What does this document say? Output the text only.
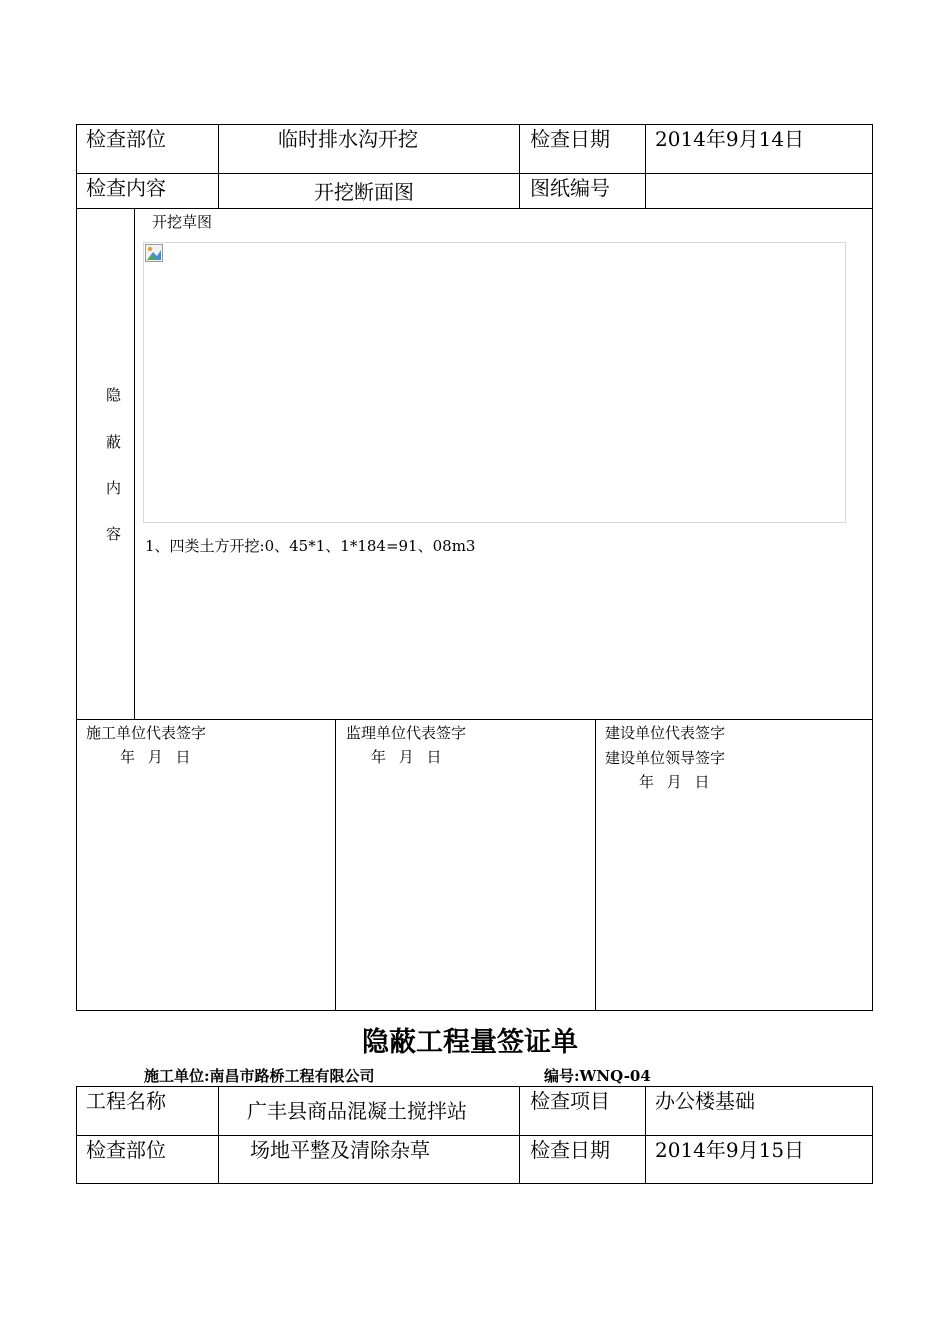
检查部位	临时排水沟开挖	检查日期 2014年9月14日
检查内容	开挖断面图	图纸编号
隐
蔽
内
容
开挖草图
1、四类土方开挖:0、45*1、1*184=91、08m3
施工单位代表签字
年 月 日
监理单位代表签字
年 月 日
建设单位代表签字
建设单位领导签字
年 月 日
隐蔽工程量签证单
施工单位:南昌市路桥工程有限公司	编号:WNQ-04
工程名称	广丰县商品混凝土搅拌站	检查项目 办公楼基础
检查部位	场地平整及清除杂草	检查日期 2014年9月15日
